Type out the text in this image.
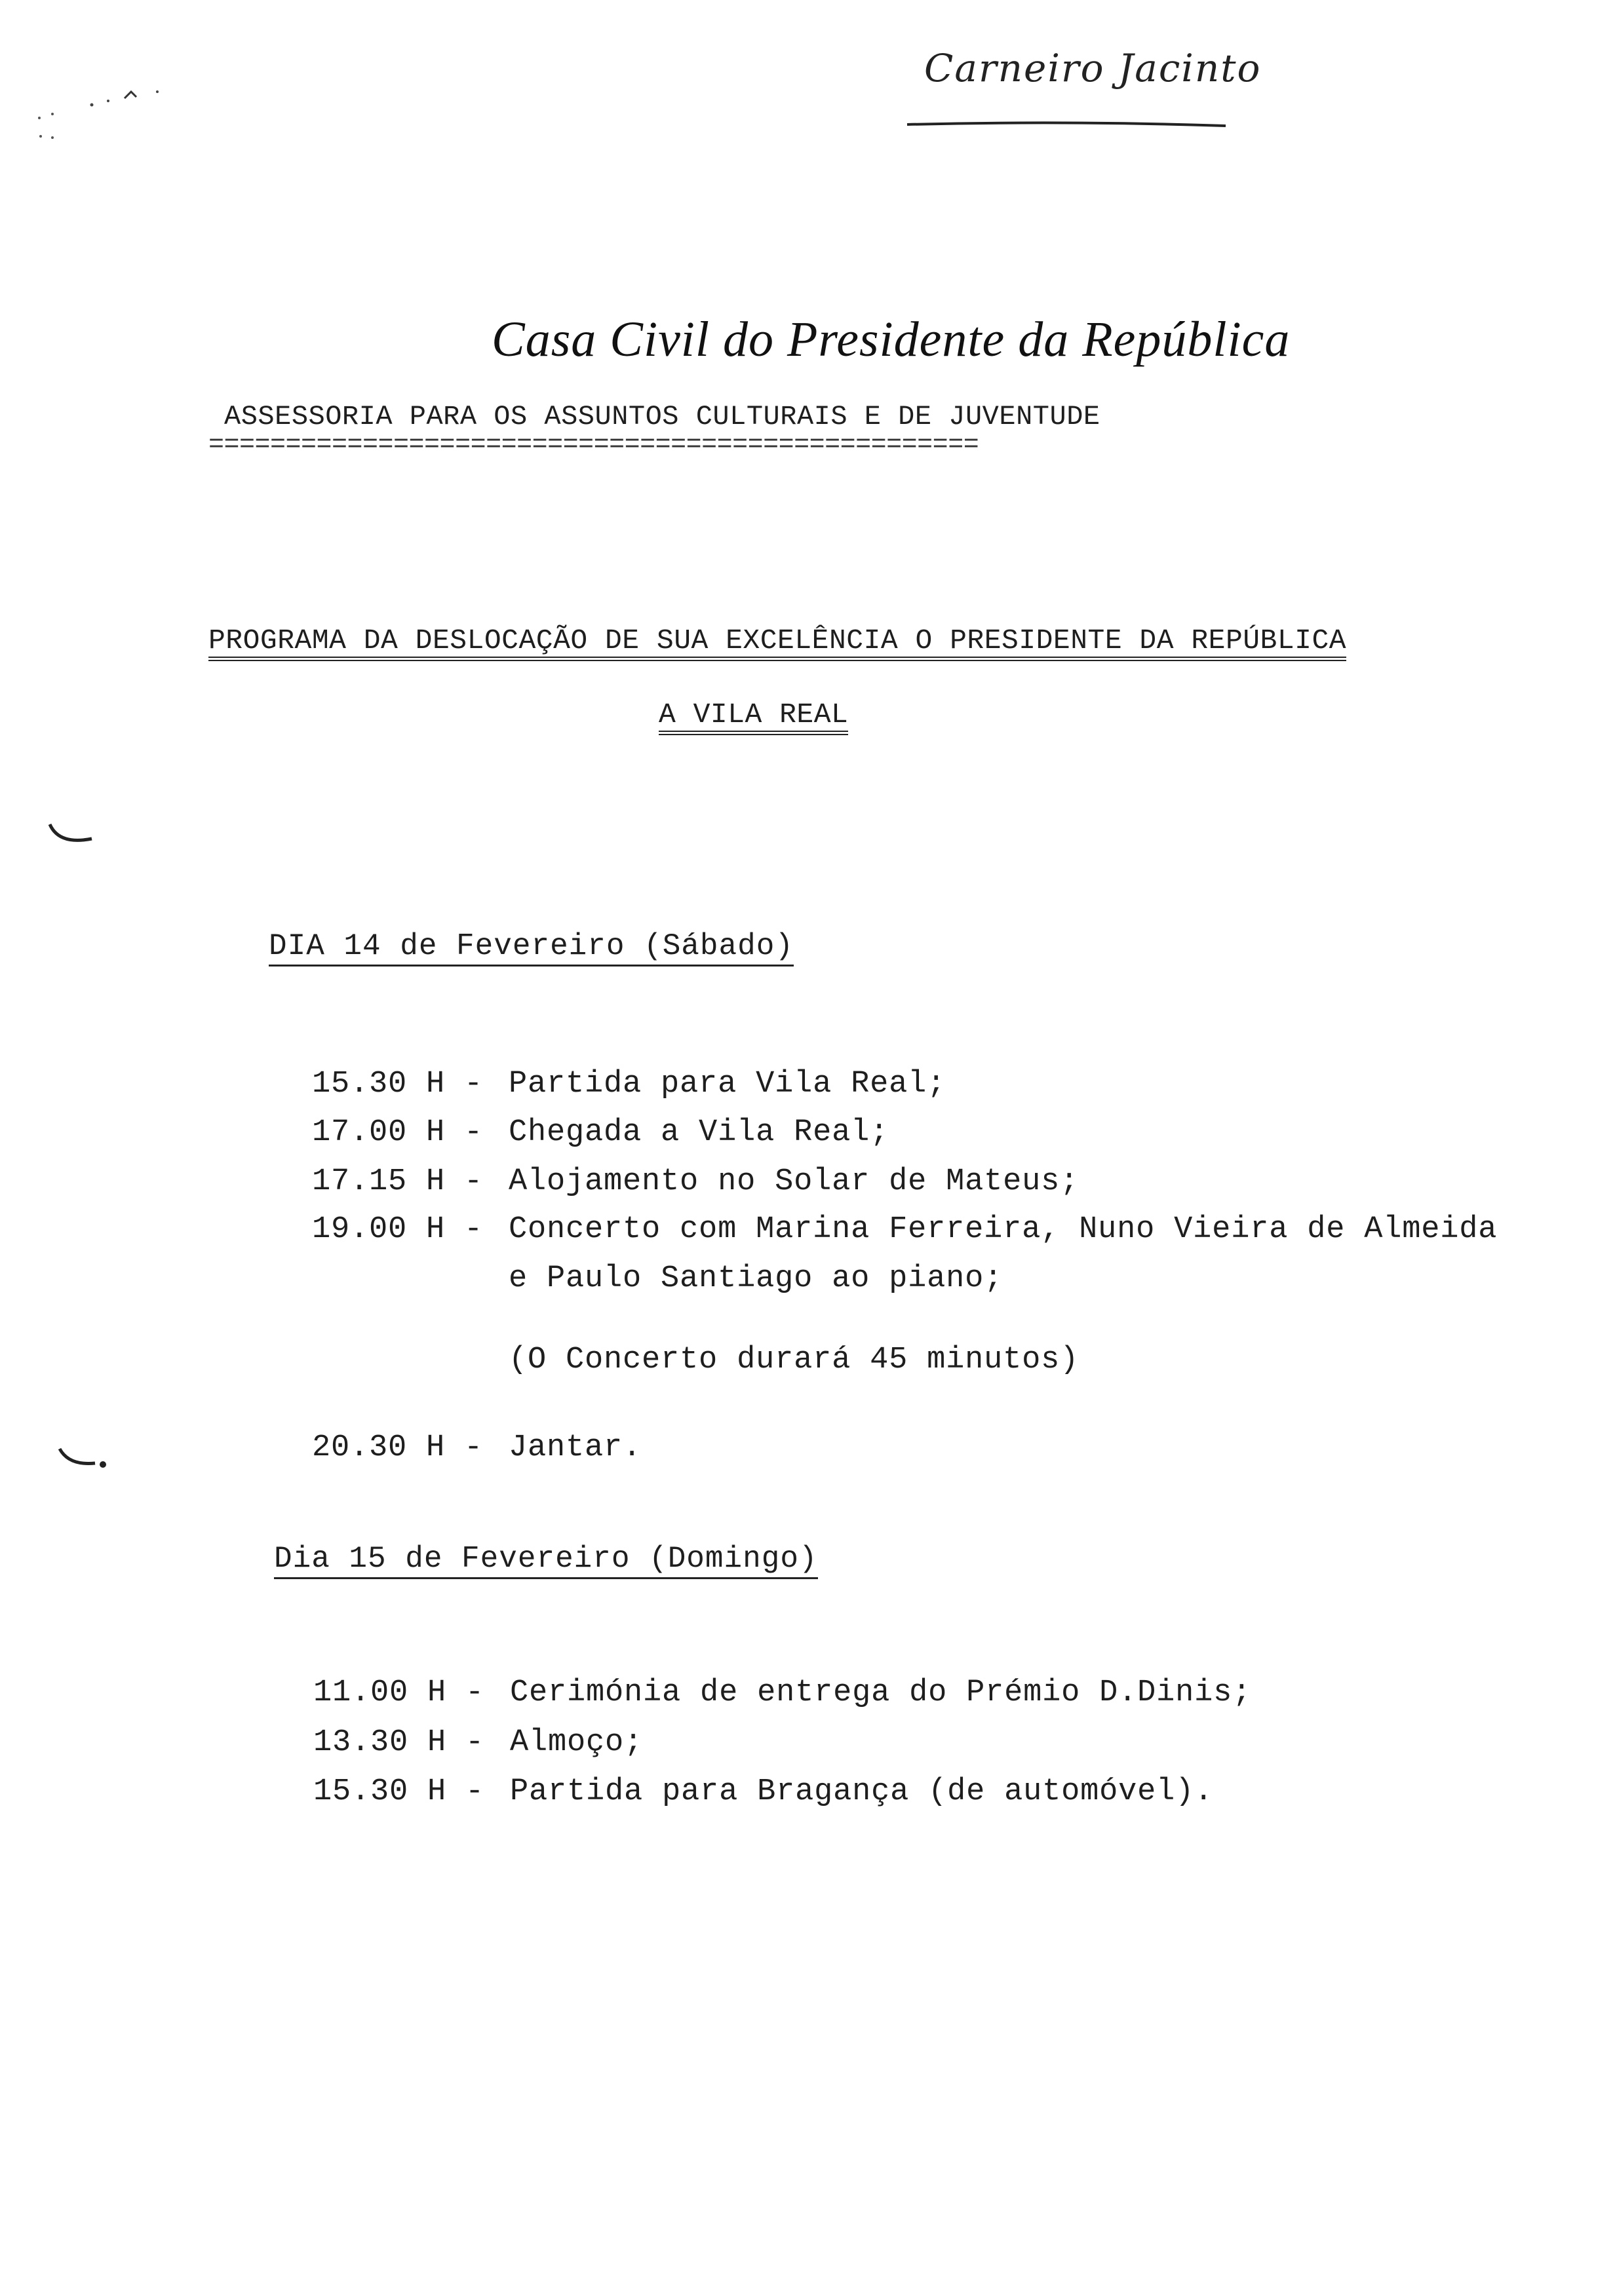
Carneiro Jacinto
Casa Civil do Presidente da República
ASSESSORIA PARA OS ASSUNTOS CULTURAIS E DE JUVENTUDE
==================================================
PROGRAMA DA DESLOCAÇÃO DE SUA EXCELÊNCIA O PRESIDENTE DA REPÚBLICA
A VILA REAL
DIA 14 de Fevereiro (Sábado)

15.30 H - Partida para Vila Real;

17.00 H - Chegada a Vila Real;

17.15 H - Alojamento no Solar de Mateus;

19.00 H - Concerto com Marina Ferreira, Nuno Vieira de Almeida

e Paulo Santiago ao piano;

(O Concerto durará 45 minutos)

20.30 H - Jantar.

Dia 15 de Fevereiro (Domingo)

11.00 H - Cerimónia de entrega do Prémio D.Dinis;

13.30 H - Almoço;

15.30 H - Partida para Bragança (de automóvel).
